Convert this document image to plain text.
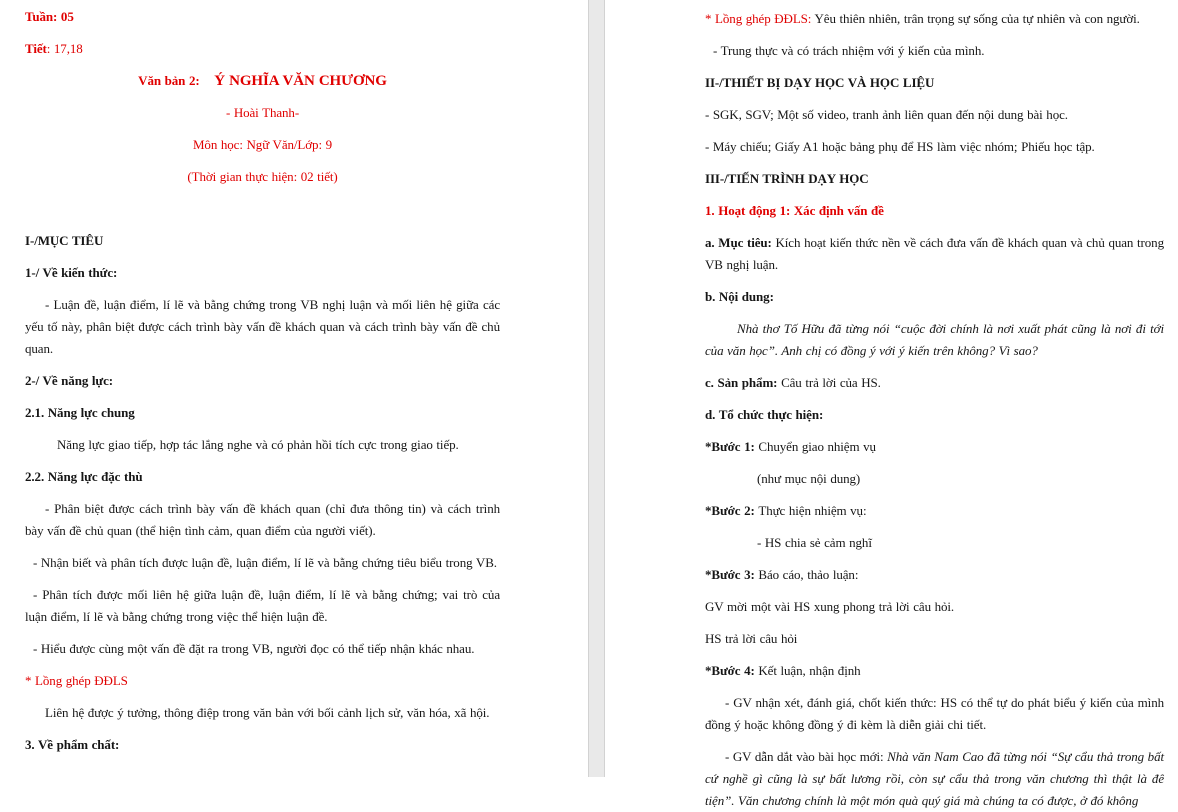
Tuần: 05

Tiết: 17,18

Văn bản 2: Ý NGHĨA VĂN CHƯƠNG

- Hoài Thanh-

Môn học: Ngữ Văn/Lớp: 9

(Thời gian thực hiện: 02 tiết)

I-/MỤC TIÊU

1-/ Về kiến thức:

- Luận đề, luận điểm, lí lẽ và bằng chứng trong VB nghị luận và mối liên hệ giữa các yếu tố này, phân biệt được cách trình bày vấn đề khách quan và cách trình bày vấn đề chủ quan.

2-/ Về năng lực:

2.1. Năng lực chung

Năng lực giao tiếp, hợp tác lắng nghe và có phản hồi tích cực trong giao tiếp.

2.2. Năng lực đặc thù

- Phân biệt được cách trình bày vấn đề khách quan (chỉ đưa thông tin) và cách trình bày vấn đề chủ quan (thể hiện tình cảm, quan điểm của người viết).

- Nhận biết và phân tích được luận đề, luận điểm, lí lẽ và bằng chứng tiêu biểu trong VB.

- Phân tích được mối liên hệ giữa luận đề, luận điểm, lí lẽ và bằng chứng; vai trò của luận điểm, lí lẽ và bằng chứng trong việc thể hiện luận đề.

- Hiểu được cùng một vấn đề đặt ra trong VB, người đọc có thể tiếp nhận khác nhau.

* Lồng ghép ĐĐLS

Liên hệ được ý tưởng, thông điệp trong văn bản với bối cảnh lịch sử, văn hóa, xã hội.

3. Về phẩm chất:

* Lồng ghép ĐĐLS: Yêu thiên nhiên, trân trọng sự sống của tự nhiên và con người.

- Trung thực và có trách nhiệm với ý kiến của mình.

II-/THIẾT BỊ DẠY HỌC VÀ HỌC LIỆU

- SGK, SGV; Một số video, tranh ảnh liên quan đến nội dung bài học.

- Máy chiếu; Giấy A1 hoặc bảng phụ để HS làm việc nhóm; Phiếu học tập.

III-/TIẾN TRÌNH DẠY HỌC

1. Hoạt động 1: Xác định vấn đề

a. Mục tiêu: Kích hoạt kiến thức nền về cách đưa vấn đề khách quan và chủ quan trong VB nghị luận.

b. Nội dung:

Nhà thơ Tố Hữu đã từng nói “cuộc đời chính là nơi xuất phát cũng là nơi đi tới của văn học”. Anh chị có đồng ý với ý kiến trên không? Vì sao?

c. Sản phẩm: Câu trả lời của HS.

d. Tổ chức thực hiện:

*Bước 1: Chuyển giao nhiệm vụ

(như mục nội dung)

*Bước 2: Thực hiện nhiệm vụ:

- HS chia sẻ cảm nghĩ

*Bước 3: Báo cáo, thảo luận:

GV mời một vài HS xung phong trả lời câu hỏi.

HS trả lời câu hỏi

*Bước 4: Kết luận, nhận định

- GV nhận xét, đánh giá, chốt kiến thức: HS có thể tự do phát biểu ý kiến của mình đồng ý hoặc không đồng ý đi kèm là diễn giải chi tiết.

- GV dẫn dắt vào bài học mới: Nhà văn Nam Cao đã từng nói “Sự cẩu thả trong bất cứ nghề gì cũng là sự bất lương rồi, còn sự cẩu thả trong văn chương thì thật là đê tiện”. Văn chương chính là một món quà quý giá mà chúng ta có được, ở đó không
